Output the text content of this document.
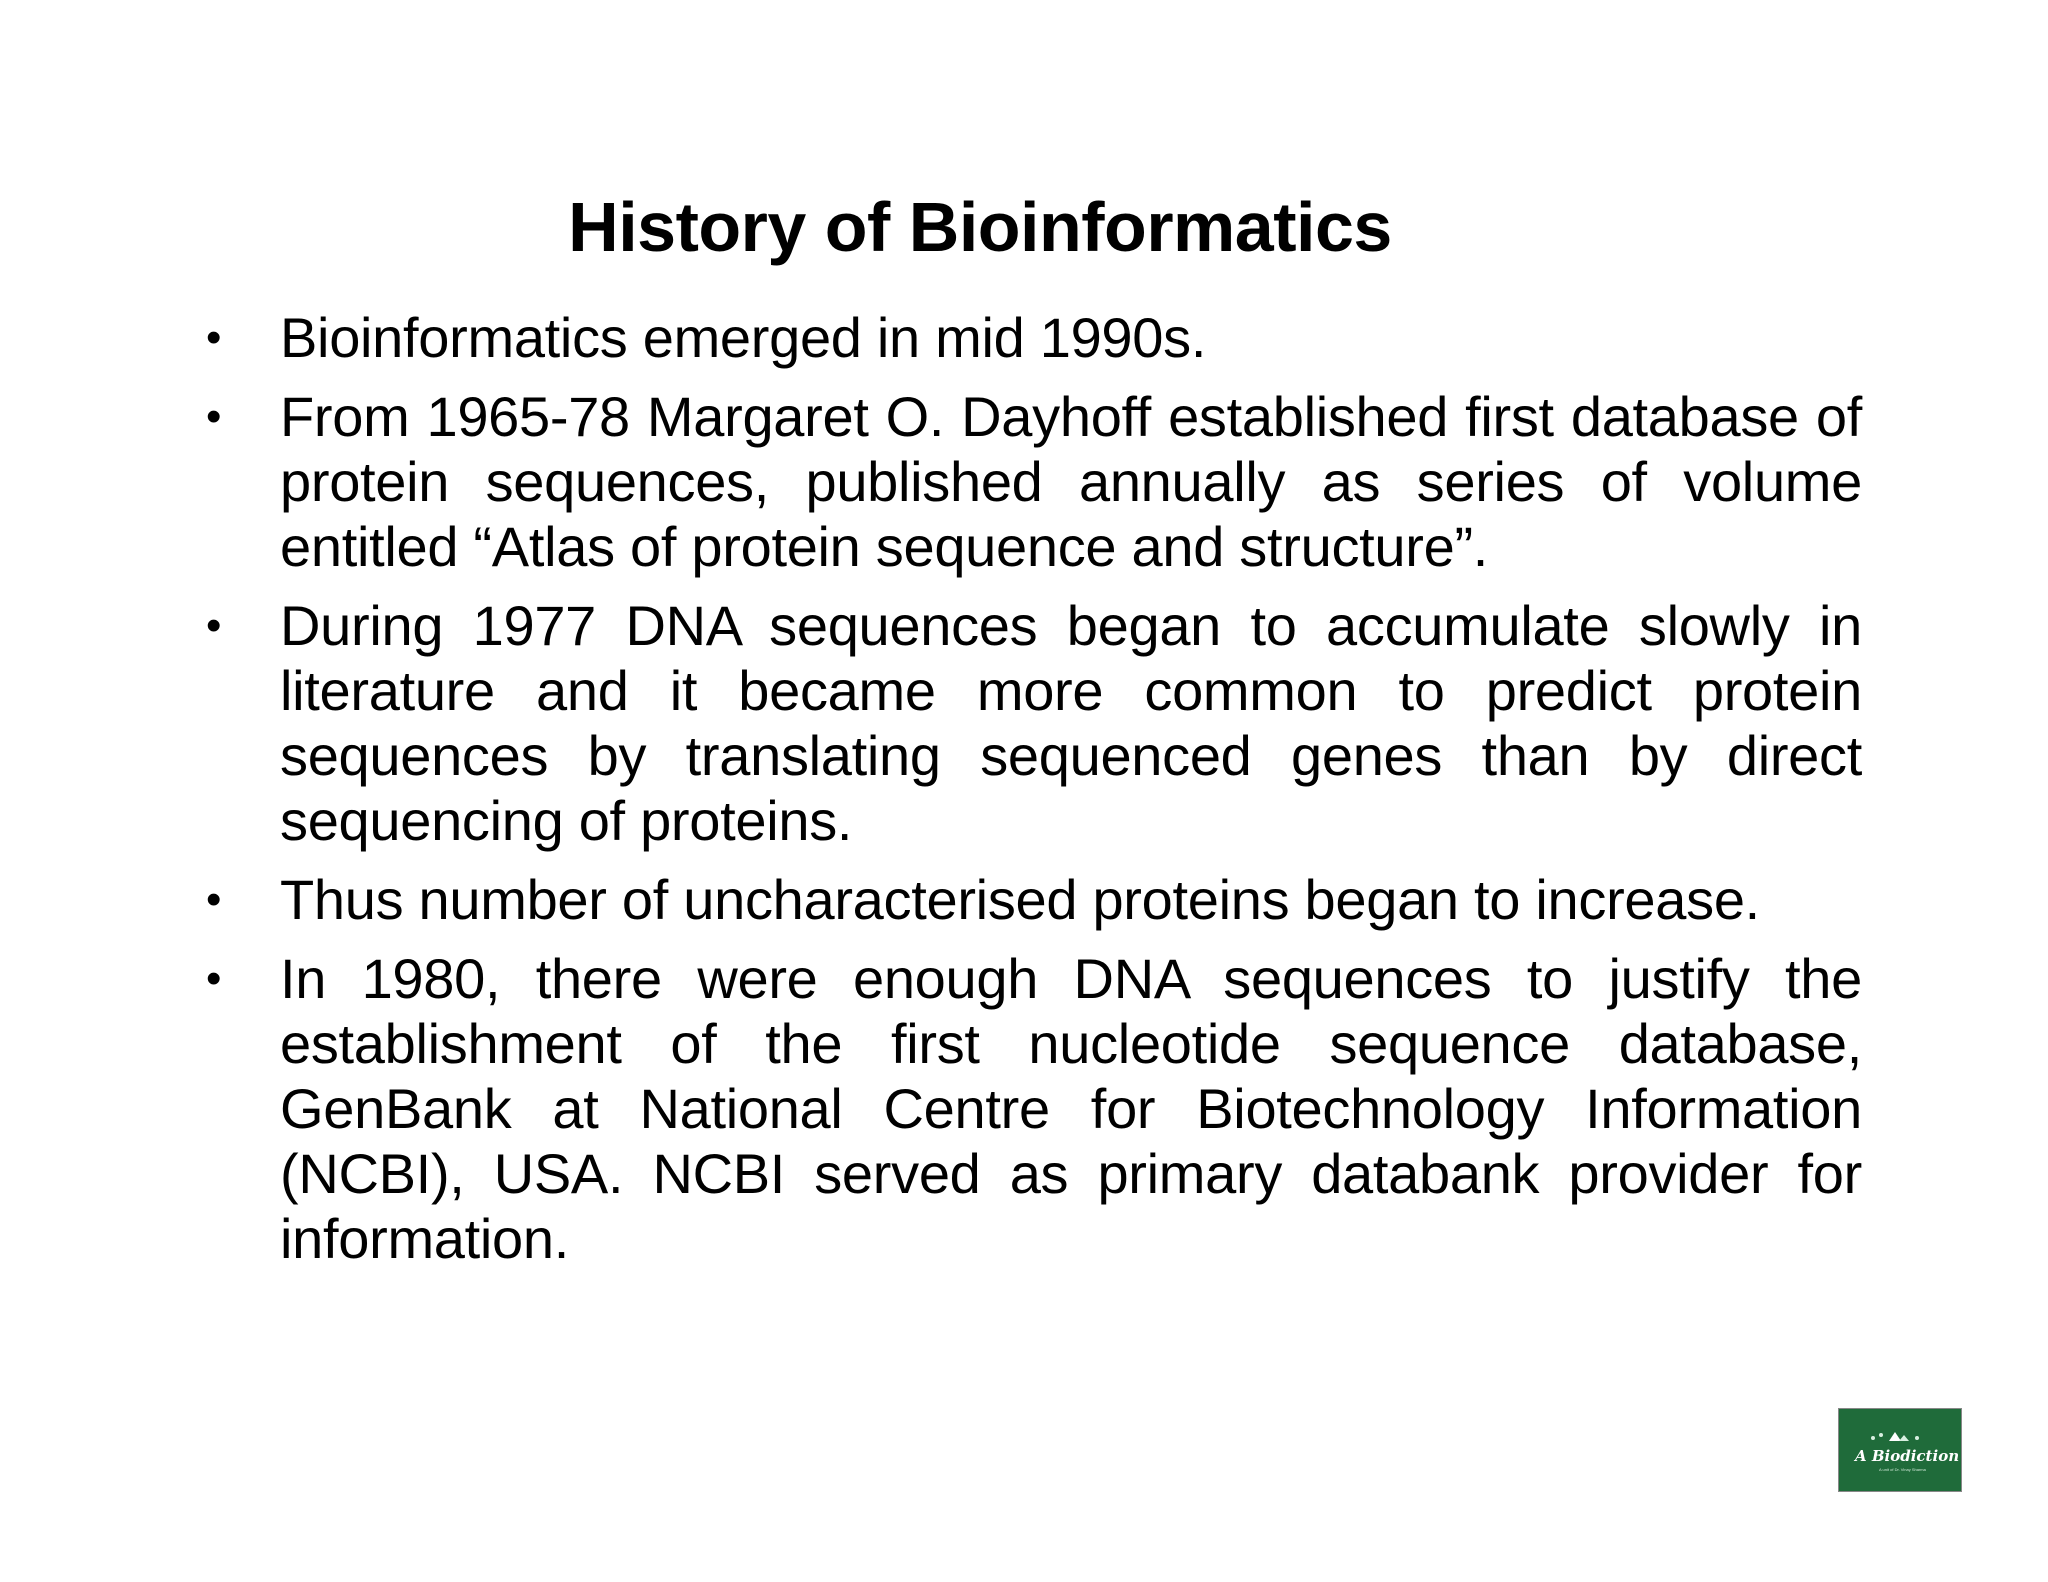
History of Bioinformatics
• Bioinformatics emerged in mid 1990s.
• From 1965-78 Margaret O. Dayhoff established first database of protein sequences, published annually as series of volume entitled “Atlas of protein sequence and structure”.
• During 1977 DNA sequences began to accumulate slowly in literature and it became more common to predict protein sequences by translating sequenced genes than by direct sequencing of proteins.
• Thus number of uncharacterised proteins began to increase.
• In 1980, there were enough DNA sequences to justify the establishment of the first nucleotide sequence database, GenBank at National Centre for Biotechnology Information (NCBI), USA. NCBI served as primary databank provider for information.
A Biodiction
A unit of Dr. Vinay Sharma
